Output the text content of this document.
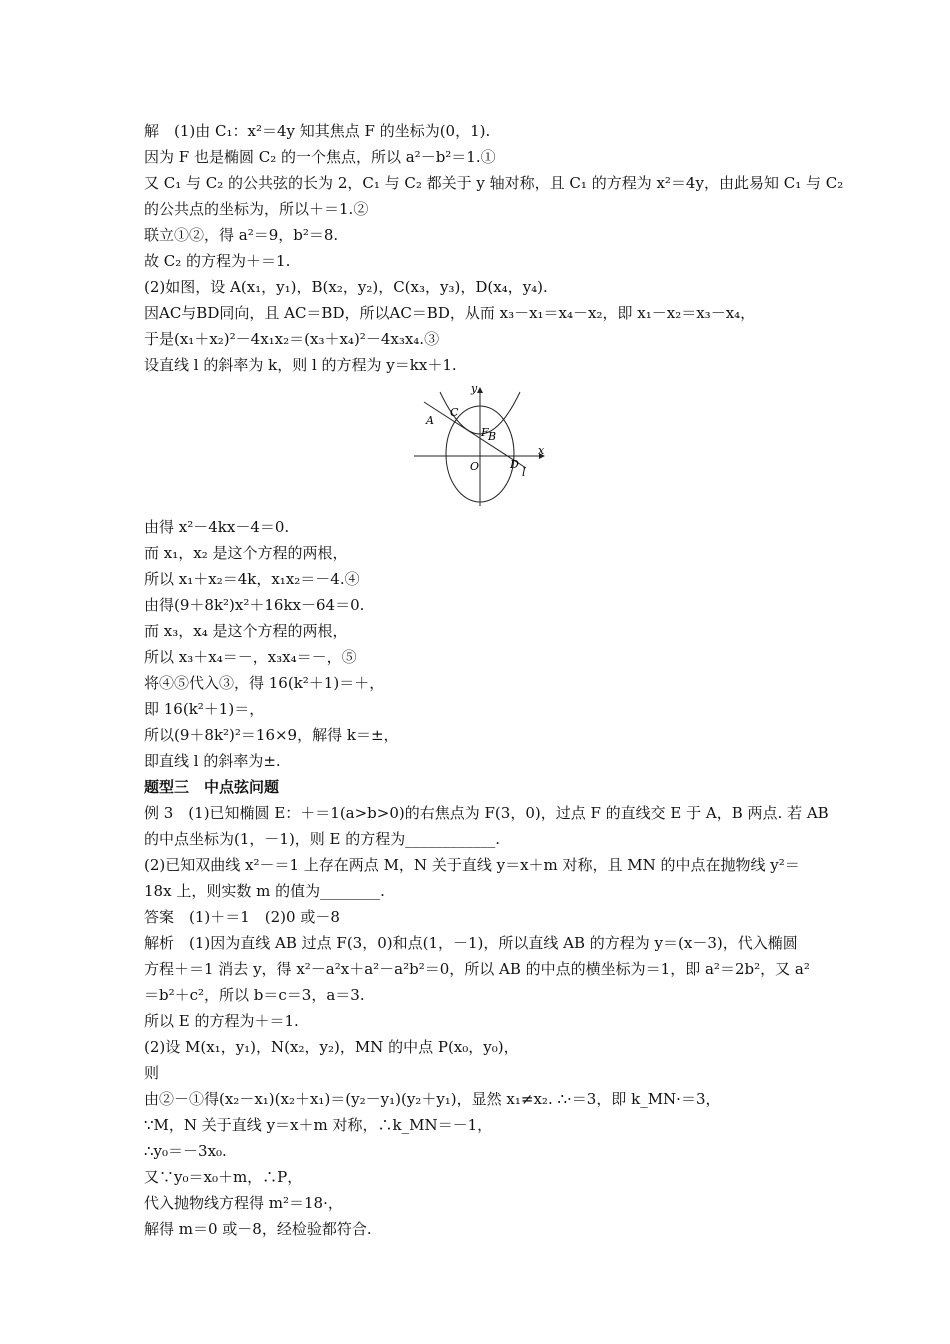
解　(1)由 C₁：x²＝4y 知其焦点 F 的坐标为(0，1).
因为 F 也是椭圆 C₂ 的一个焦点，所以 a²－b²＝1.①
又 C₁ 与 C₂ 的公共弦的长为 2，C₁ 与 C₂ 都关于 y 轴对称，且 C₁ 的方程为 x²＝4y，由此易知 C₁ 与 C₂
的公共点的坐标为，所以＋＝1.②
联立①②，得 a²＝9，b²＝8.
故 C₂ 的方程为＋＝1.
(2)如图，设 A(x₁，y₁)，B(x₂，y₂)，C(x₃，y₃)，D(x₄，y₄).
因AC与BD同向，且 AC＝BD，所以AC＝BD，从而 x₃－x₁＝x₄－x₂，即 x₁－x₂＝x₃－x₄，
于是(x₁＋x₂)²－4x₁x₂＝(x₃＋x₄)²－4x₃x₄.③
设直线 l 的斜率为 k，则 l 的方程为 y＝kx＋1.
y
x
A
C
F B
O	D
l
由得 x²－4kx－4＝0.
而 x₁，x₂ 是这个方程的两根，
所以 x₁＋x₂＝4k，x₁x₂＝－4.④
由得(9＋8k²)x²＋16kx－64＝0.
而 x₃，x₄ 是这个方程的两根，
所以 x₃＋x₄＝－，x₃x₄＝－，⑤
将④⑤代入③，得 16(k²＋1)＝＋，
即 16(k²＋1)＝，
所以(9＋8k²)²＝16×9，解得 k＝±，
即直线 l 的斜率为±.
题型三　中点弦问题
例 3　(1)已知椭圆 E：＋＝1(a>b>0)的右焦点为 F(3，0)，过点 F 的直线交 E 于 A，B 两点. 若 AB
的中点坐标为(1，－1)，则 E 的方程为____________.
(2)已知双曲线 x²－＝1 上存在两点 M，N 关于直线 y＝x＋m 对称，且 MN 的中点在抛物线 y²＝
18x 上，则实数 m 的值为________.
答案　(1)＋＝1　(2)0 或－8
解析　(1)因为直线 AB 过点 F(3，0)和点(1，－1)，所以直线 AB 的方程为 y＝(x－3)，代入椭圆
方程＋＝1 消去 y，得 x²－a²x＋a²－a²b²＝0，所以 AB 的中点的横坐标为＝1，即 a²＝2b²，又 a²
＝b²＋c²，所以 b＝c＝3，a＝3.
所以 E 的方程为＋＝1.
(2)设 M(x₁，y₁)，N(x₂，y₂)，MN 的中点 P(x₀，y₀)，
则
由②－①得(x₂－x₁)(x₂＋x₁)＝(y₂－y₁)(y₂＋y₁)，显然 x₁≠x₂. ∴·＝3，即 k_MN·＝3，
∵M，N 关于直线 y＝x＋m 对称，∴k_MN＝－1，
∴y₀＝－3x₀.
又∵y₀＝x₀＋m，∴P，
代入抛物线方程得 m²＝18·，
解得 m＝0 或－8，经检验都符合.
